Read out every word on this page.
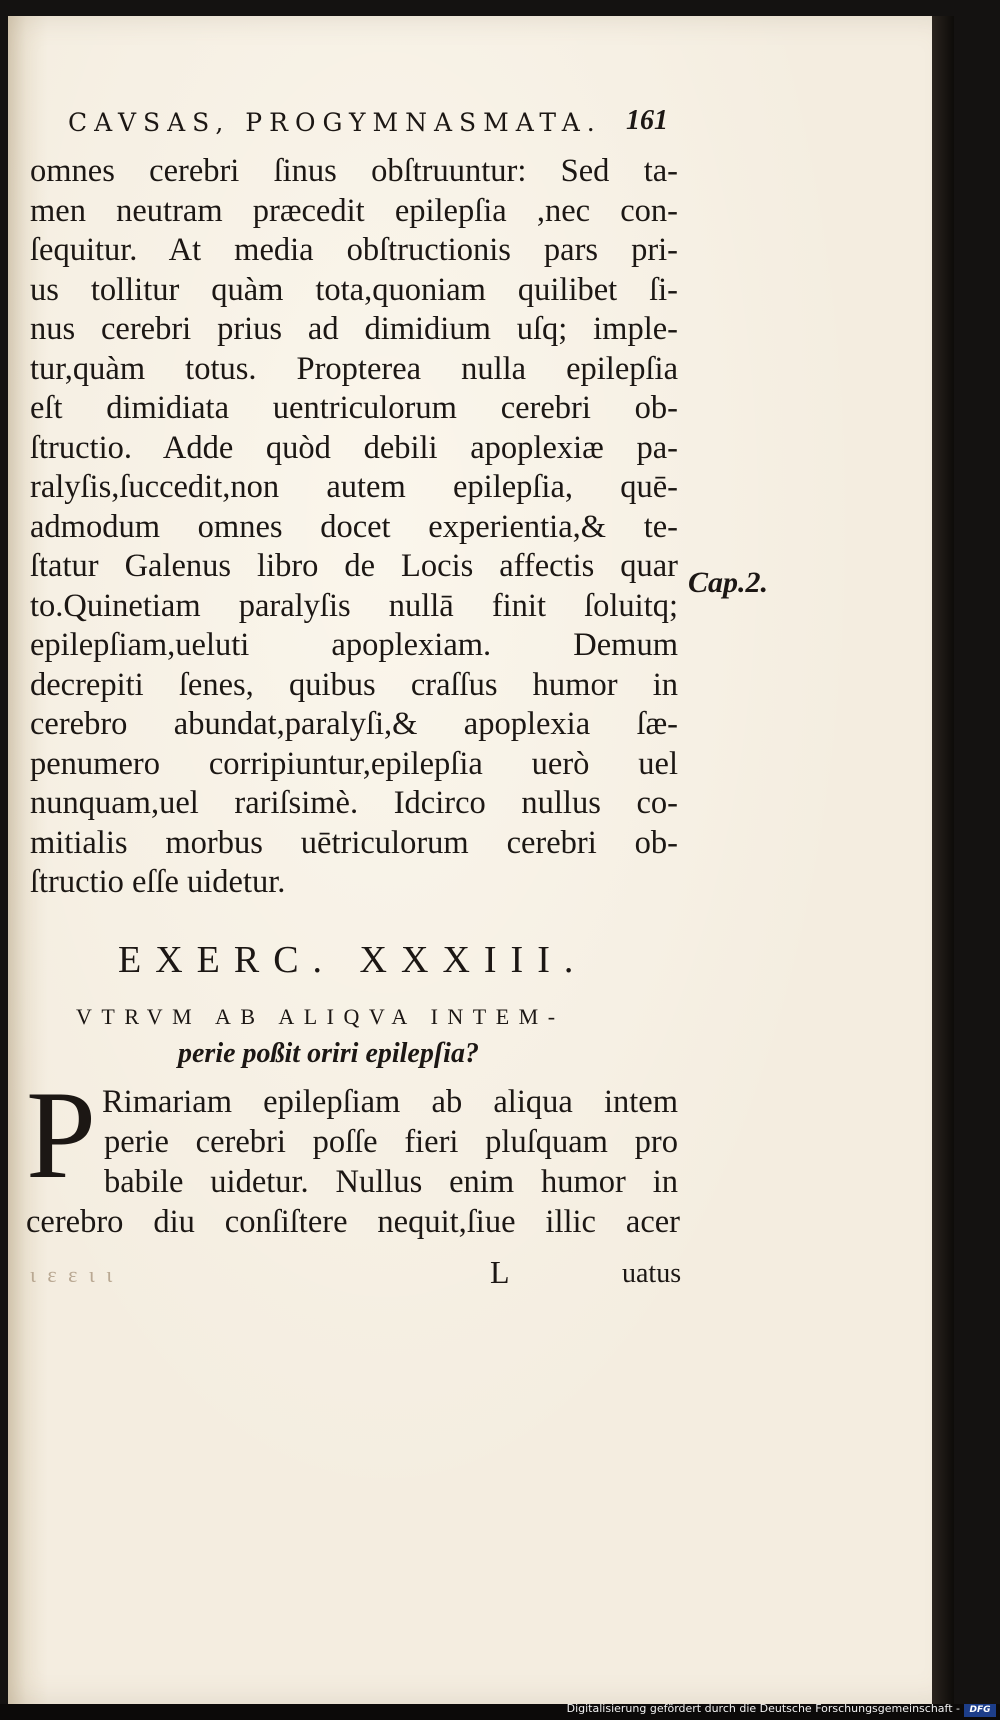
CAVSAS, PROGYMNASMATA. 161
omnes cerebri ſinus obſtruuntur: Sed ta-
men neutram præcedit epilepſia ,nec con-
ſequitur. At media obſtructionis pars pri-
us tollitur quàm tota,quoniam quilibet ſi-
nus cerebri prius ad dimidium uſq; imple-
tur,quàm totus. Propterea nulla epilepſia
eſt dimidiata uentriculorum cerebri ob-
ſtructio. Adde quòd debili apoplexiæ pa-
ralyſis,ſuccedit,non autem epilepſia, quē-
admodum omnes docet experientia,& te-
ſtatur Galenus libro de Locis affectis quar
to.Quinetiam paralyſis nullā finit ſoluitq;
epilepſiam,ueluti apoplexiam. Demum
decrepiti ſenes, quibus craſſus humor in
cerebro abundat,paralyſi,& apoplexia ſæ-
penumero corripiuntur,epilepſia uerò uel
nunquam,uel rariſsimè. Idcirco nullus co-
mitialis morbus uētriculorum cerebri ob-
ſtructio eſſe uidetur.
Cap.2.
EXERC. XXXIII.
VTRVM AB ALIQVA INTEM-
perie poßit oriri epilepſia?
P Rimariam epilepſiam ab aliqua intem
perie cerebri poſſe fieri pluſquam pro
babile uidetur. Nullus enim humor in
cerebro diu conſiſtere nequit,ſiue illic acer
ι ε ε ι ι	L	uatus
Digitalisierung gefördert durch die Deutsche Forschungsgemeinschaft -	DFG
